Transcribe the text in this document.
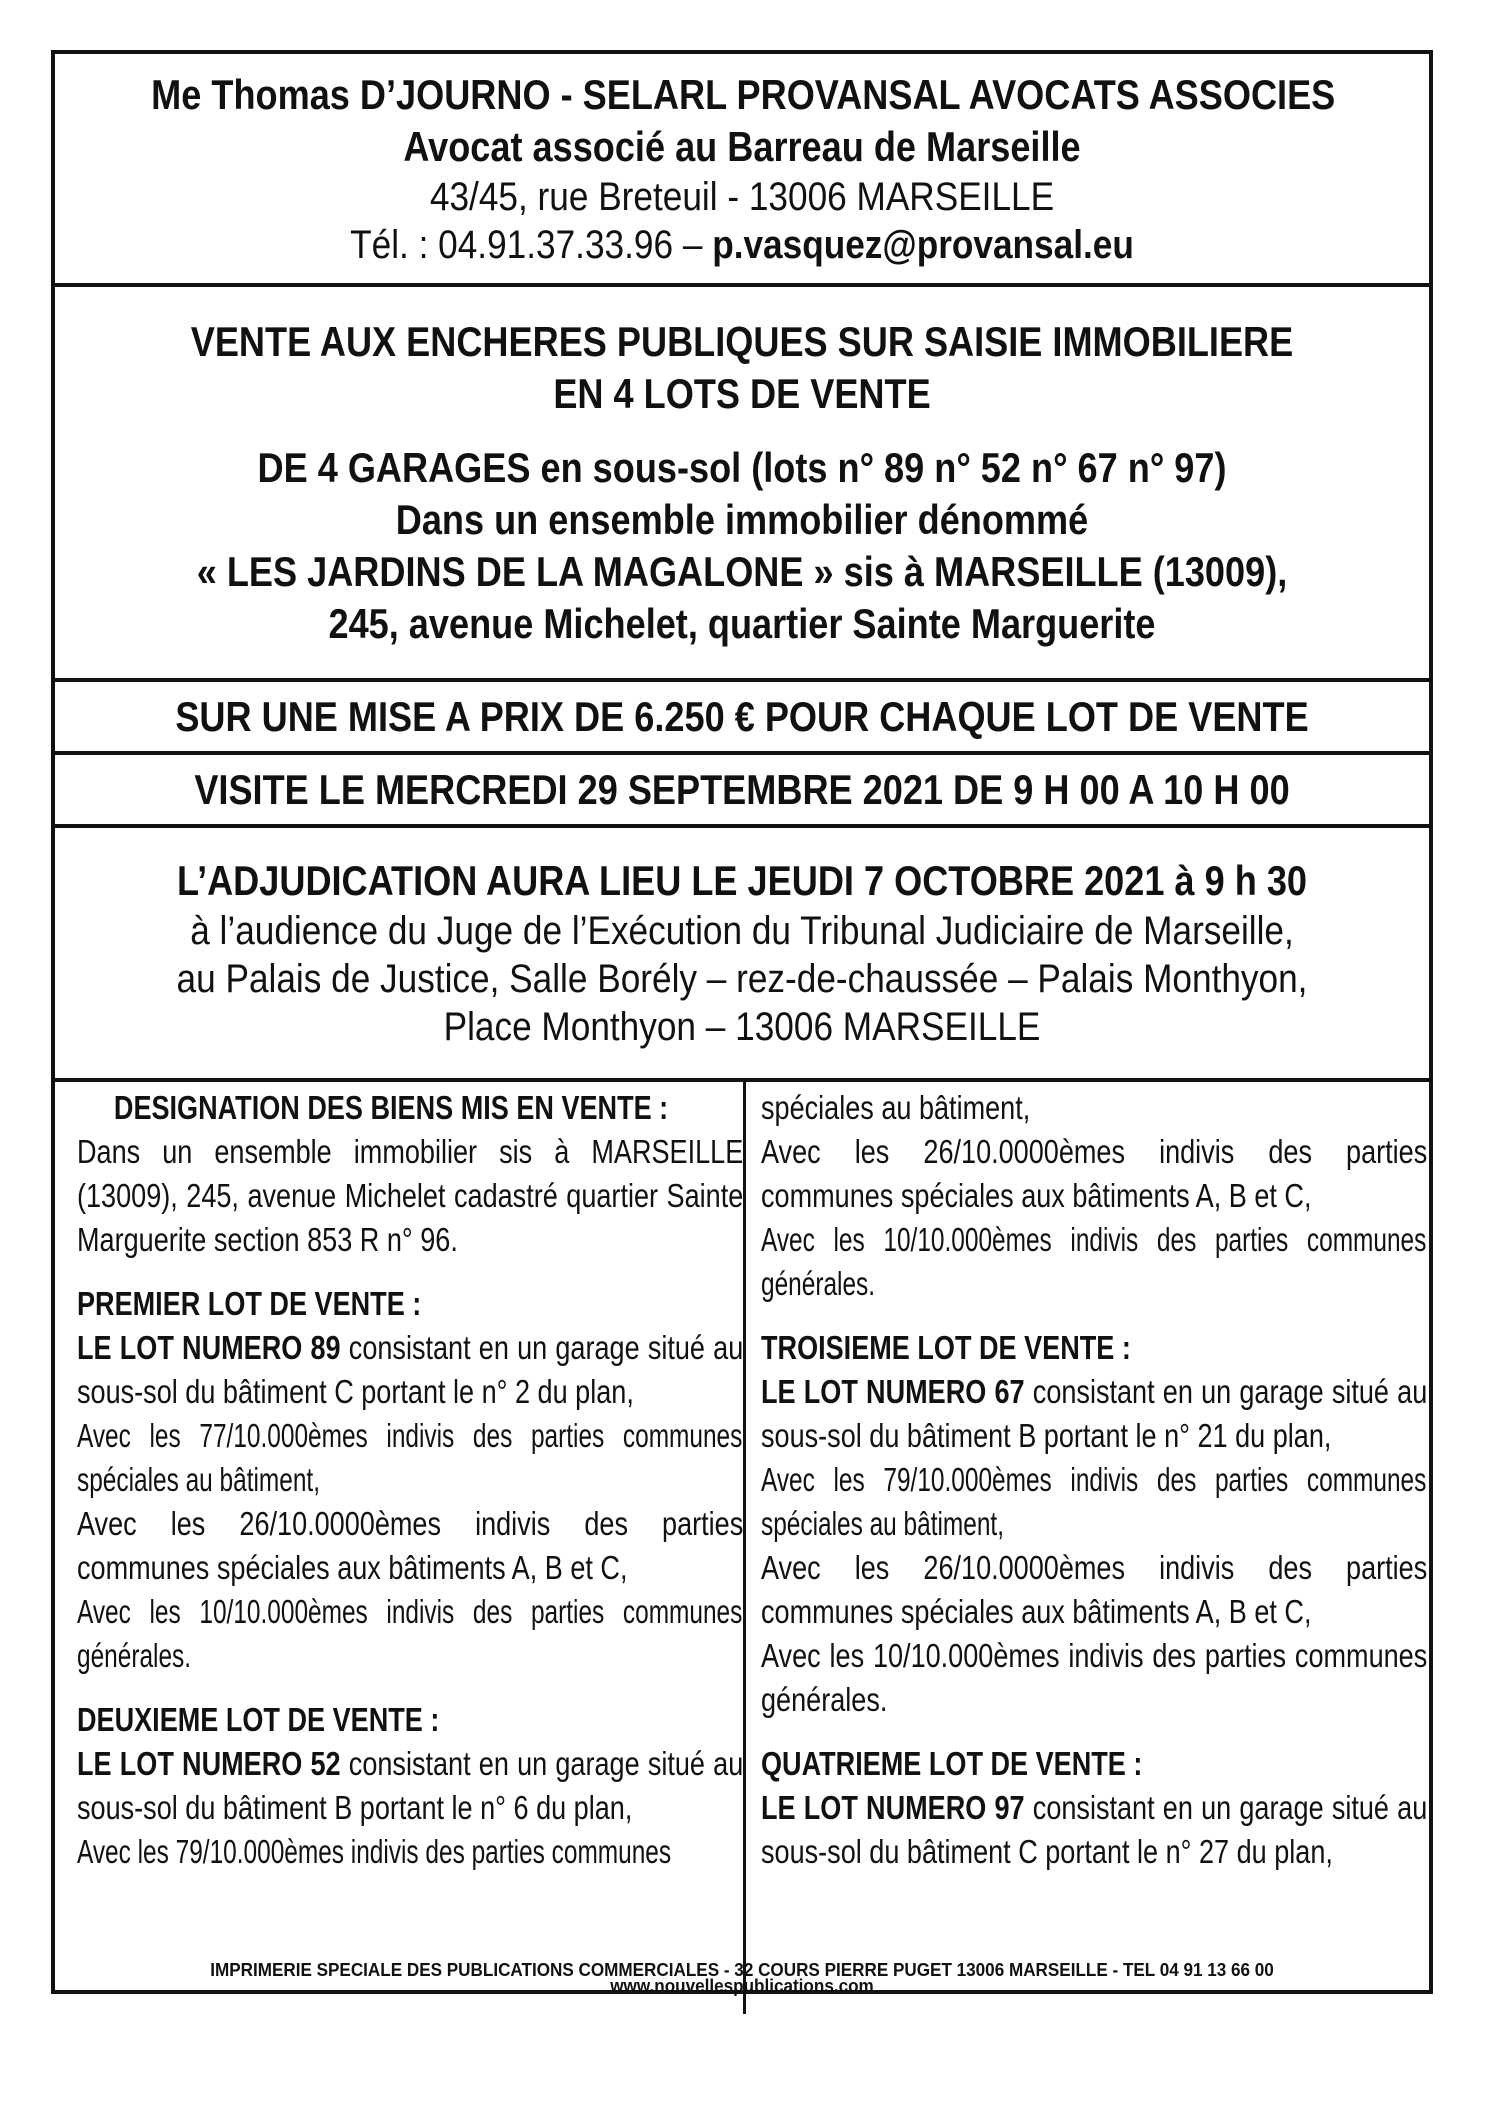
Me Thomas D’JOURNO - SELARL PROVANSAL AVOCATS ASSOCIES
Avocat associé au Barreau de Marseille
43/45, rue Breteuil - 13006 MARSEILLE
Tél. : 04.91.37.33.96 – p.vasquez@provansal.eu
VENTE AUX ENCHERES PUBLIQUES SUR SAISIE IMMOBILIERE
EN 4 LOTS DE VENTE
DE 4 GARAGES en sous-sol (lots n° 89 n° 52 n° 67 n° 97)
Dans un ensemble immobilier dénommé
« LES JARDINS DE LA MAGALONE » sis à MARSEILLE (13009),
245, avenue Michelet, quartier Sainte Marguerite
SUR UNE MISE A PRIX DE 6.250 € POUR CHAQUE LOT DE VENTE
VISITE LE MERCREDI 29 SEPTEMBRE 2021 DE 9 H 00 A 10 H 00
L’ADJUDICATION AURA LIEU LE JEUDI 7 OCTOBRE 2021 à 9 h 30
à l’audience du Juge de l’Exécution du Tribunal Judiciaire de Marseille,
au Palais de Justice, Salle Borély – rez-de-chaussée – Palais Monthyon,
Place Monthyon – 13006 MARSEILLE
DESIGNATION DES BIENS MIS EN VENTE :
Dans un ensemble immobilier sis à MARSEILLE (13009), 245, avenue Michelet cadastré quartier Sainte Marguerite section 853 R n° 96.
PREMIER LOT DE VENTE :
LE LOT NUMERO 89 consistant en un garage situé au sous-sol du bâtiment C portant le n° 2 du plan,
Avec les 77/10.000èmes indivis des parties communes spéciales au bâtiment,
Avec les 26/10.0000èmes indivis des parties communes spéciales aux bâtiments A, B et C,
Avec les 10/10.000èmes indivis des parties communes générales.
DEUXIEME LOT DE VENTE :
LE LOT NUMERO 52 consistant en un garage situé au sous-sol du bâtiment B portant le n° 6 du plan,
Avec les 79/10.000èmes indivis des parties communes
spéciales au bâtiment,
Avec les 26/10.0000èmes indivis des parties communes spéciales aux bâtiments A, B et C,
Avec les 10/10.000èmes indivis des parties communes générales.
TROISIEME LOT DE VENTE :
LE LOT NUMERO 67 consistant en un garage situé au sous-sol du bâtiment B portant le n° 21 du plan,
Avec les 79/10.000èmes indivis des parties communes spéciales au bâtiment,
Avec les 26/10.0000èmes indivis des parties communes spéciales aux bâtiments A, B et C,
Avec les 10/10.000èmes indivis des parties communes générales.
QUATRIEME LOT DE VENTE :
LE LOT NUMERO 97 consistant en un garage situé au sous-sol du bâtiment C portant le n° 27 du plan,
IMPRIMERIE SPECIALE DES PUBLICATIONS COMMERCIALES - 32 COURS PIERRE PUGET 13006 MARSEILLE - TEL 04 91 13 66 00
www.nouvellespublications.com
